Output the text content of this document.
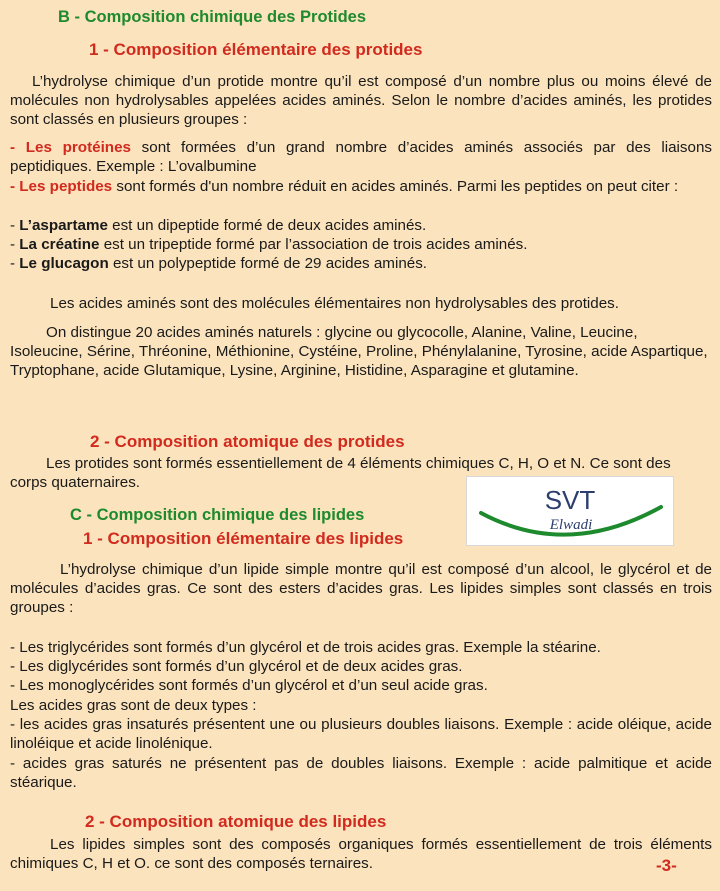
B - Composition chimique des Protides
1 - Composition élémentaire des protides
L’hydrolyse chimique d’un protide montre qu’il est composé d’un nombre plus ou moins élevé de molécules non hydrolysables appelées acides aminés. Selon le nombre d’acides aminés, les protides sont classés en plusieurs groupes :
- Les protéines sont formées d’un grand nombre d’acides aminés associés par des liaisons peptidiques. Exemple : L’ovalbumine
- Les peptides sont formés d'un nombre réduit en acides aminés. Parmi les peptides on peut citer :
- L’aspartame est un dipeptide formé de deux acides aminés.
- La créatine est un tripeptide formé par l’association de trois acides aminés.
- Le glucagon est un polypeptide formé de 29 acides aminés.
Les acides aminés sont des molécules élémentaires non hydrolysables des protides.
On distingue 20 acides aminés naturels : glycine ou glycocolle, Alanine, Valine, Leucine, Isoleucine, Sérine, Thréonine, Méthionine, Cystéine, Proline, Phénylalanine, Tyrosine, acide Aspartique, Tryptophane, acide Glutamique, Lysine, Arginine, Histidine, Asparagine et glutamine.
2 - Composition atomique des protides
Les protides sont formés essentiellement de 4 éléments chimiques C, H, O et N. Ce sont des corps quaternaires.
SVT
Elwadi
C - Composition chimique des lipides
1 - Composition élémentaire des lipides
L’hydrolyse chimique d’un lipide simple montre qu’il est composé d’un alcool, le glycérol et de molécules d’acides gras. Ce sont des esters d’acides gras. Les lipides simples sont classés en trois groupes :
- Les triglycérides sont formés d’un glycérol et de trois acides gras. Exemple la stéarine.
- Les diglycérides sont formés d’un glycérol et de deux acides gras.
- Les monoglycérides sont formés d’un glycérol et d’un seul acide gras.
Les acides gras sont de deux types :
- les acides gras insaturés présentent une ou plusieurs doubles liaisons. Exemple : acide oléique, acide linoléique et acide linolénique.
- acides gras saturés ne présentent pas de doubles liaisons. Exemple : acide palmitique et acide stéarique.
2 - Composition atomique des lipides
Les lipides simples sont des composés organiques formés essentiellement de trois éléments chimiques C, H et O. ce sont des composés ternaires.	-3-
